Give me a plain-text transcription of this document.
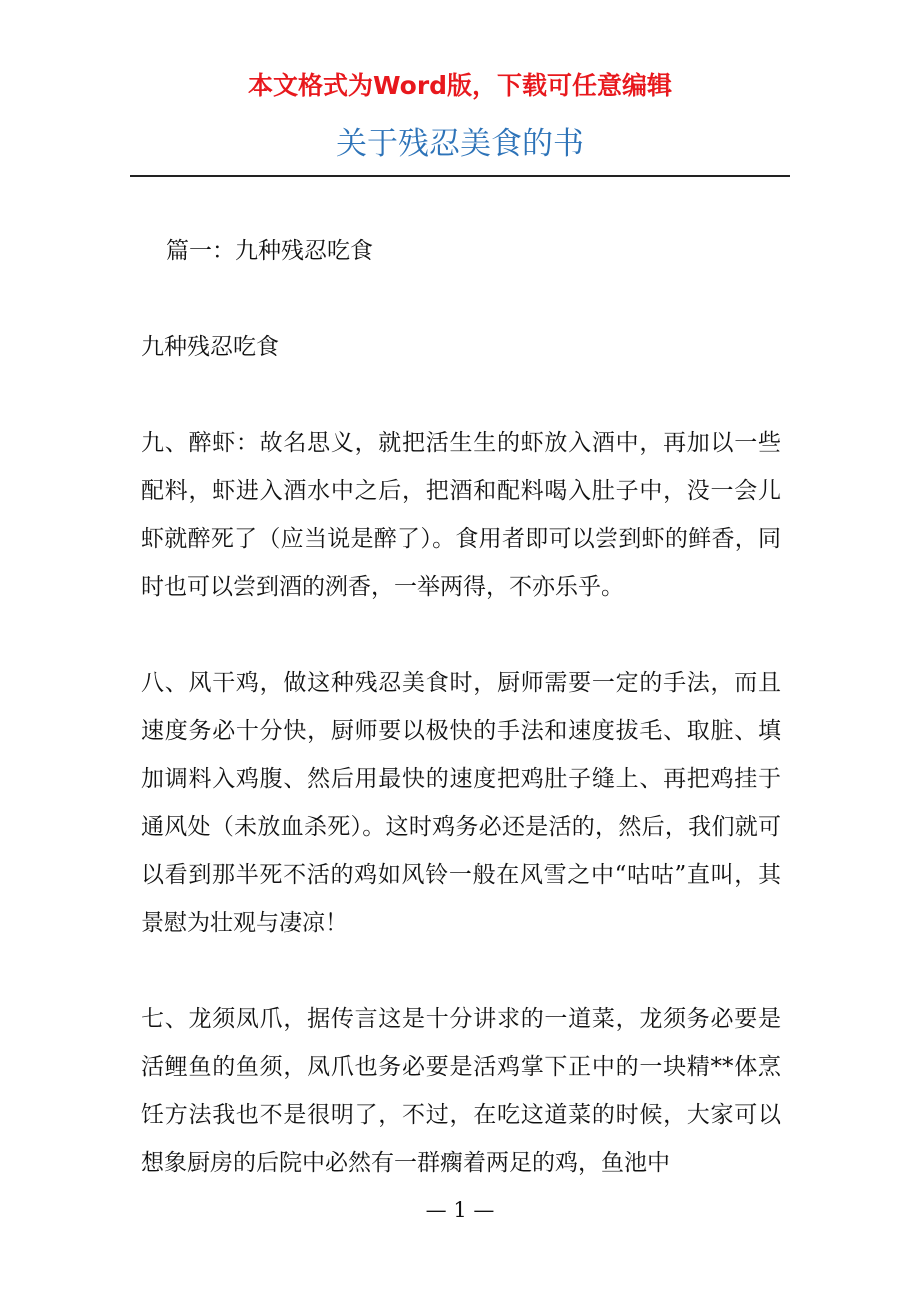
本文格式为Word版，下载可任意编辑
关于残忍美食的书

篇一：九种残忍吃食

九种残忍吃食

九、醉虾：故名思义，就把活生生的虾放入酒中，再加以一些配料，虾进入酒水中之后，把酒和配料喝入肚子中，没一会儿虾就醉死了（应当说是醉了）。食用者即可以尝到虾的鲜香，同时也可以尝到酒的洌香，一举两得，不亦乐乎。

八、风干鸡，做这种残忍美食时，厨师需要一定的手法，而且速度务必十分快，厨师要以极快的手法和速度拔毛、取脏、填加调料入鸡腹、然后用最快的速度把鸡肚子缝上、再把鸡挂于通风处（未放血杀死）。这时鸡务必还是活的，然后，我们就可以看到那半死不活的鸡如风铃一般在风雪之中“咕咕”直叫，其景慰为壮观与凄凉！

七、龙须凤爪，据传言这是十分讲求的一道菜，龙须务必要是活鲤鱼的鱼须，凤爪也务必要是活鸡掌下正中的一块精**体烹饪方法我也不是很明了，不过，在吃这道菜的时候，大家可以想象厨房的后院中必然有一群瘸着两足的鸡，鱼池中

— 1 —
